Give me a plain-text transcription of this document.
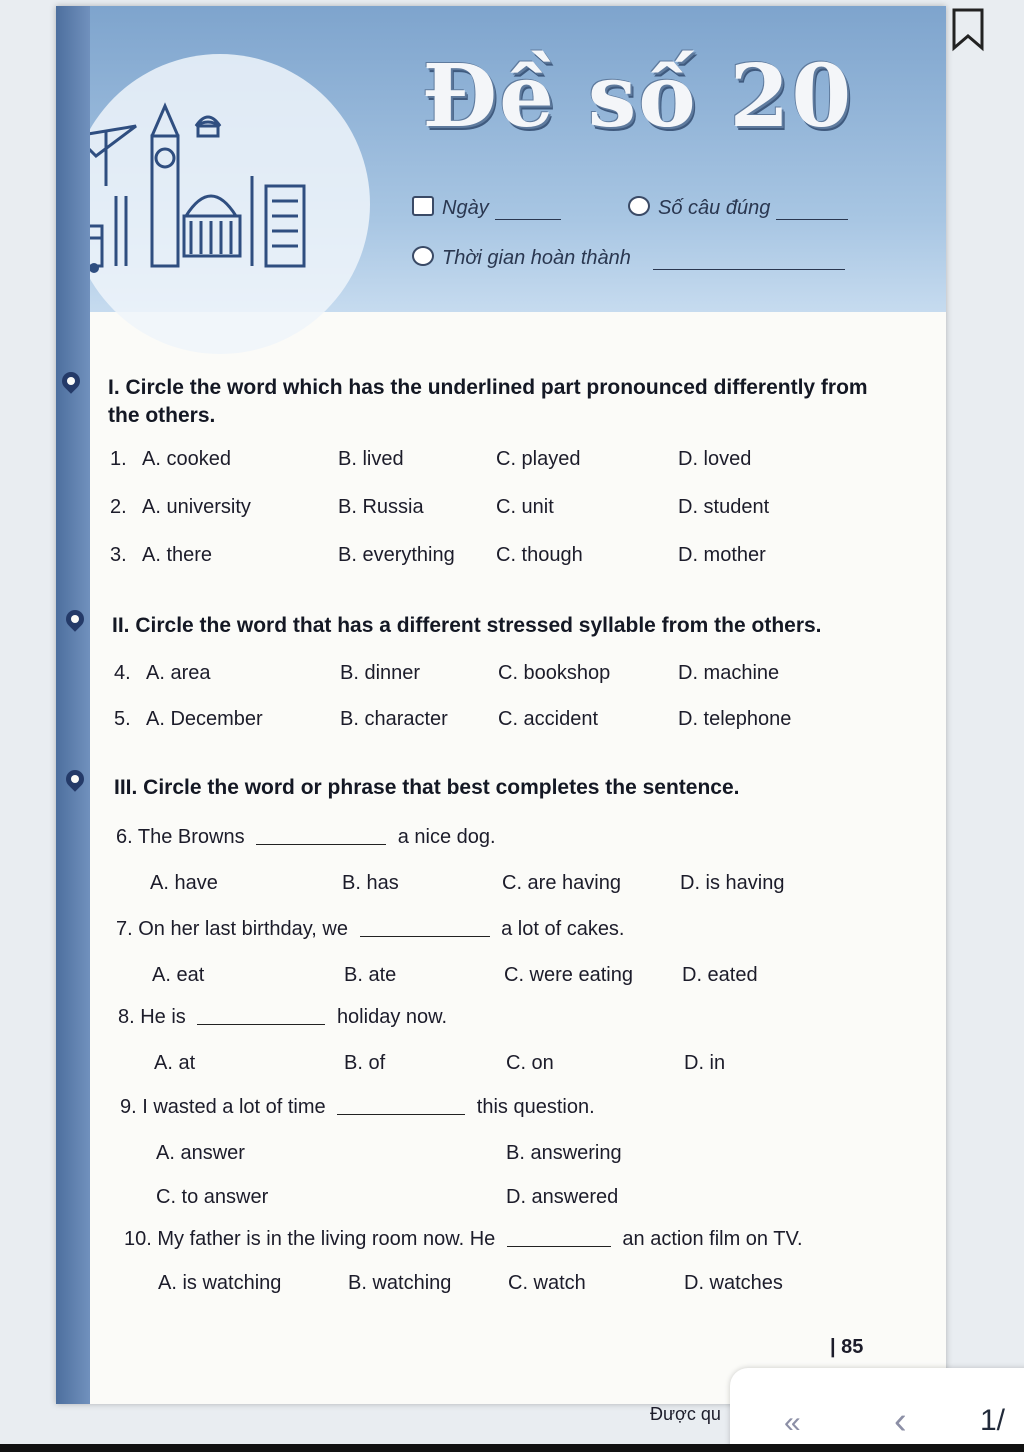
Đề số 20
Ngày	Số câu đúng
Thời gian hoàn thành
I. Circle the word which has the underlined part pronounced differently from
the others.
1. A. cooked	B. lived	C. played	D. loved
2. A. university	B. Russia	C. unit	D. student
3. A. there	B. everything C. though	D. mother
II. Circle the word that has a different stressed syllable from the others.
4. A. area	B. dinner	C. bookshop	D. machine
5. A. December	B. character	C. accident	D. telephone
III. Circle the word or phrase that best completes the sentence.
6. The Browns	a nice dog.
A. have	B. has	C. are having	D. is having
7. On her last birthday, we	a lot of cakes.
A. eat	B. ate	C. were eating D. eated
8. He is	holiday now.
A. at	B. of	C. on	D. in
9. I wasted a lot of time	this question.
A. answer	B. answering
C. to answer	D. answered
10. My father is in the living room now. He	an action film on TV.
A. is watching	B. watching	C. watch	D. watches
| 85
Được qu « ‹ 1/
